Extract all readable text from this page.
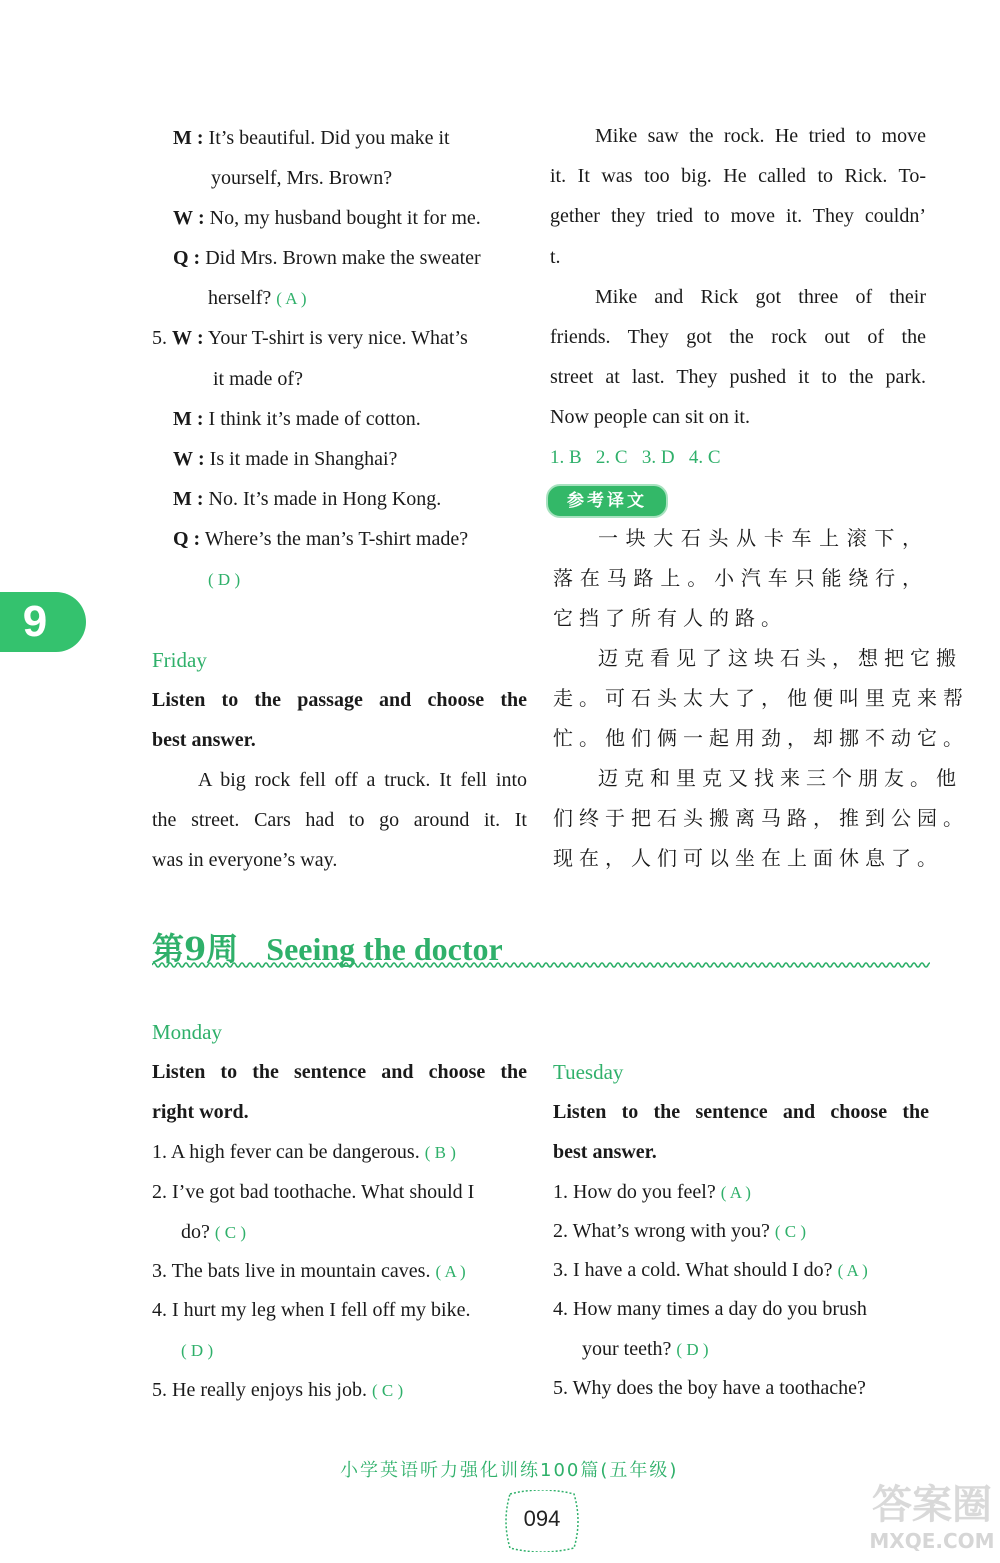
9
M : It’s beautiful. Did you make it
yourself, Mrs. Brown?
W : No, my husband bought it for me.
Q : Did Mrs. Brown make the sweater
herself? ( A )
5. W : Your T-shirt is very nice. What’s
it made of?
M : I think it’s made of cotton.
W : Is it made in Shanghai?
M : No. It’s made in Hong Kong.
Q : Where’s the man’s T-shirt made?
( D )
Friday
Listen to the passage and choose the
best answer.
A big rock fell off a truck. It fell into
the street. Cars had to go around it. It
was in everyone’s way.
Mike saw the rock. He tried to move
it. It was too big. He called to Rick. To-
gether they tried to move it. They couldn’
t.
Mike and Rick got three of their
friends. They got the rock out of the
street at last. They pushed it to the park.
Now people can sit on it.
1. B   2. C   3. D   4. C
参考译文
一块大石头从卡车上滚下，
落在马路上。小汽车只能绕行，
它挡了所有人的路。
迈克看见了这块石头，想把它搬
走。可石头太大了，他便叫里克来帮
忙。他们俩一起用劲，却挪不动它。
迈克和里克又找来三个朋友。他
们终于把石头搬离马路，推到公园。
现在，人们可以坐在上面休息了。
第9周 Seeing the doctor
Monday
Listen to the sentence and choose the
right word.
1. A high fever can be dangerous. ( B )
2. I’ve got bad toothache. What should I
do? ( C )
3. The bats live in mountain caves. ( A )
4. I hurt my leg when I fell off my bike.
( D )
5. He really enjoys his job. ( C )
Tuesday
Listen to the sentence and choose the
best answer.
1. How do you feel? ( A )
2. What’s wrong with you? ( C )
3. I have a cold. What should I do? ( A )
4. How many times a day do you brush
your teeth? ( D )
5. Why does the boy have a toothache?
小学英语听力强化训练100篇(五年级)
094	答案圈
MXQE.COM
